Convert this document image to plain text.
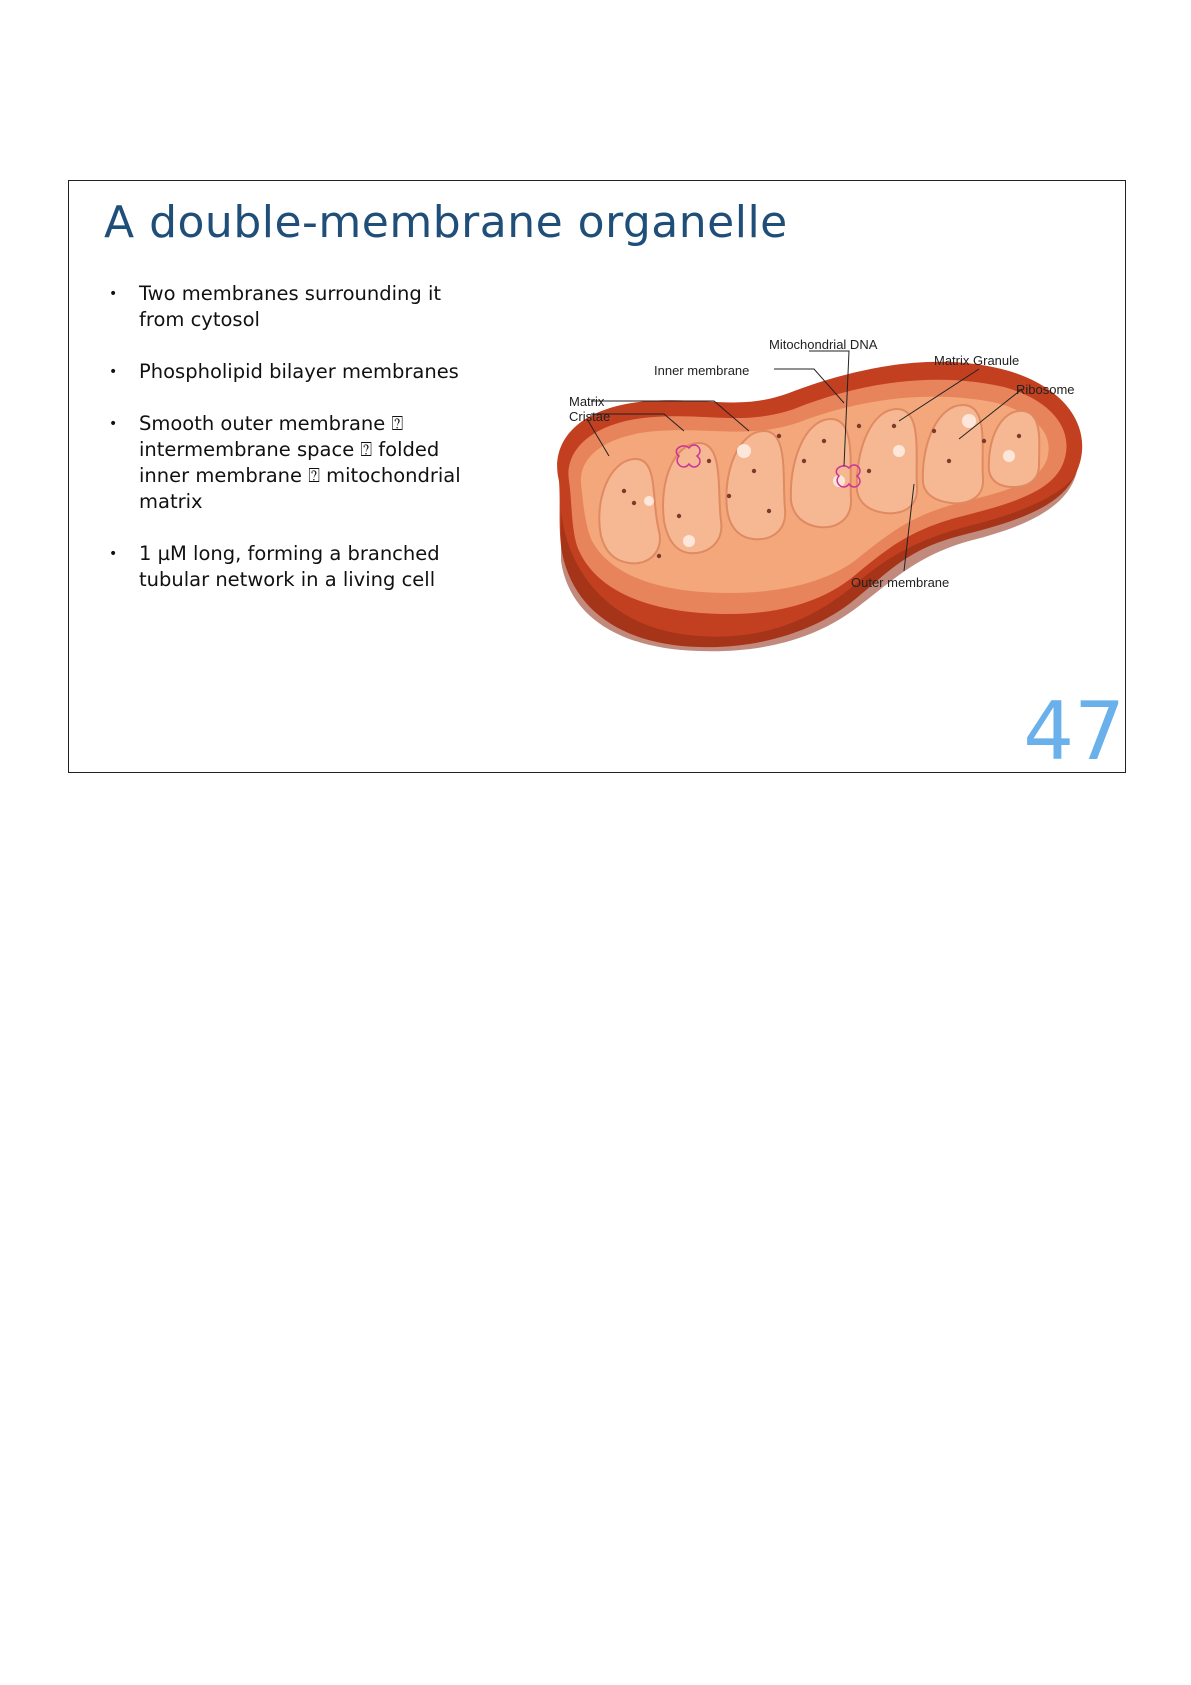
A double-membrane organelle
• Two membranes surrounding it
from cytosol
• Phospholipid bilayer membranes
• Smooth outer membrane ⍰
intermembrane space ⍰ folded
inner membrane ⍰ mitochondrial
matrix
• 1 µM long, forming a branched
tubular network in a living cell
Mitochondrial DNA
Matrix Granule
Inner membrane
Ribosome
Matrix
Cristae
Outer membrane
47
